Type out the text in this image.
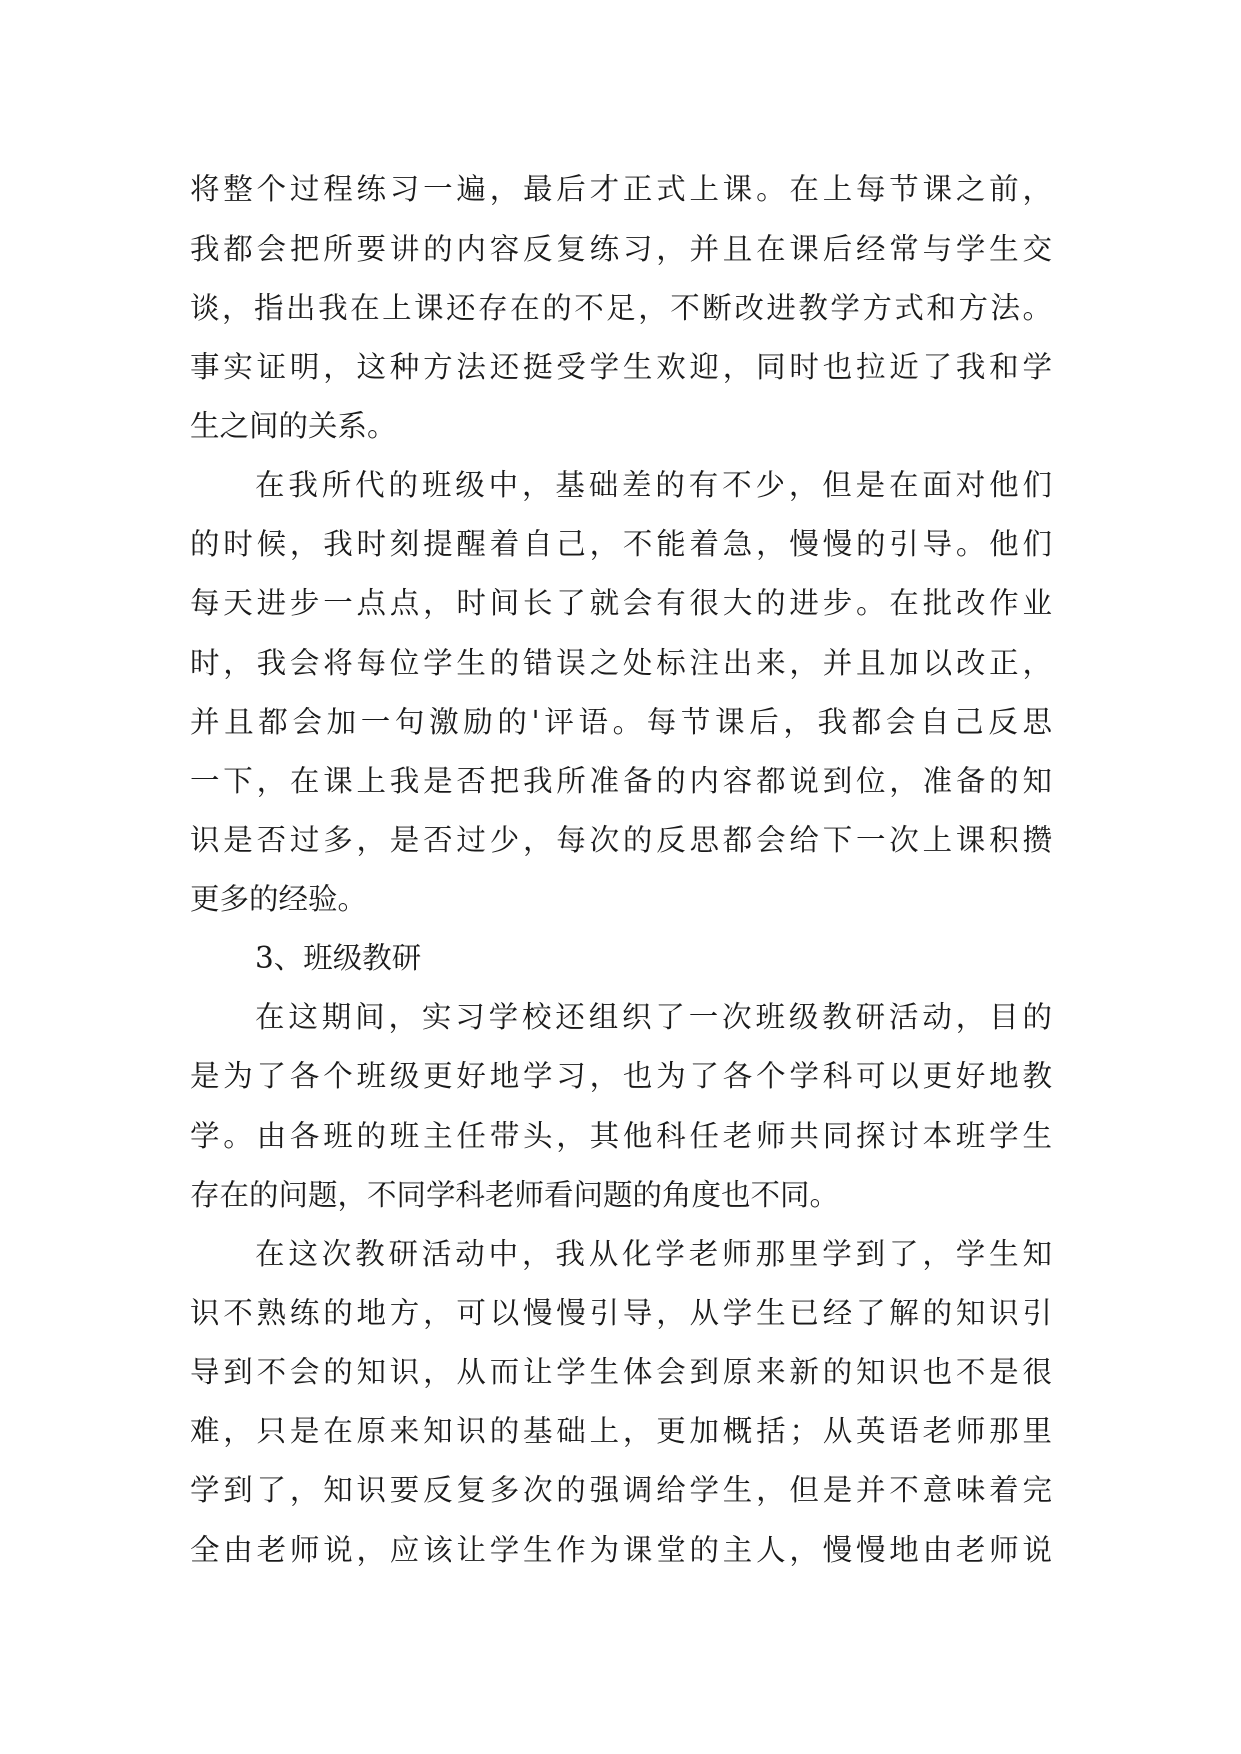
将整个过程练习一遍，最后才正式上课。在上每节课之前，
我都会把所要讲的内容反复练习，并且在课后经常与学生交
谈，指出我在上课还存在的不足，不断改进教学方式和方法。
事实证明，这种方法还挺受学生欢迎，同时也拉近了我和学
生之间的关系。
在我所代的班级中，基础差的有不少，但是在面对他们
的时候，我时刻提醒着自己，不能着急，慢慢的引导。他们
每天进步一点点，时间长了就会有很大的进步。在批改作业
时，我会将每位学生的错误之处标注出来，并且加以改正，
并且都会加一句激励的'评语。每节课后，我都会自己反思
一下，在课上我是否把我所准备的内容都说到位，准备的知
识是否过多，是否过少，每次的反思都会给下一次上课积攒
更多的经验。
3、班级教研
在这期间，实习学校还组织了一次班级教研活动，目的
是为了各个班级更好地学习，也为了各个学科可以更好地教
学。由各班的班主任带头，其他科任老师共同探讨本班学生
存在的问题，不同学科老师看问题的角度也不同。
在这次教研活动中，我从化学老师那里学到了，学生知
识不熟练的地方，可以慢慢引导，从学生已经了解的知识引
导到不会的知识，从而让学生体会到原来新的知识也不是很
难，只是在原来知识的基础上，更加概括；从英语老师那里
学到了，知识要反复多次的强调给学生，但是并不意味着完
全由老师说，应该让学生作为课堂的主人，慢慢地由老师说
